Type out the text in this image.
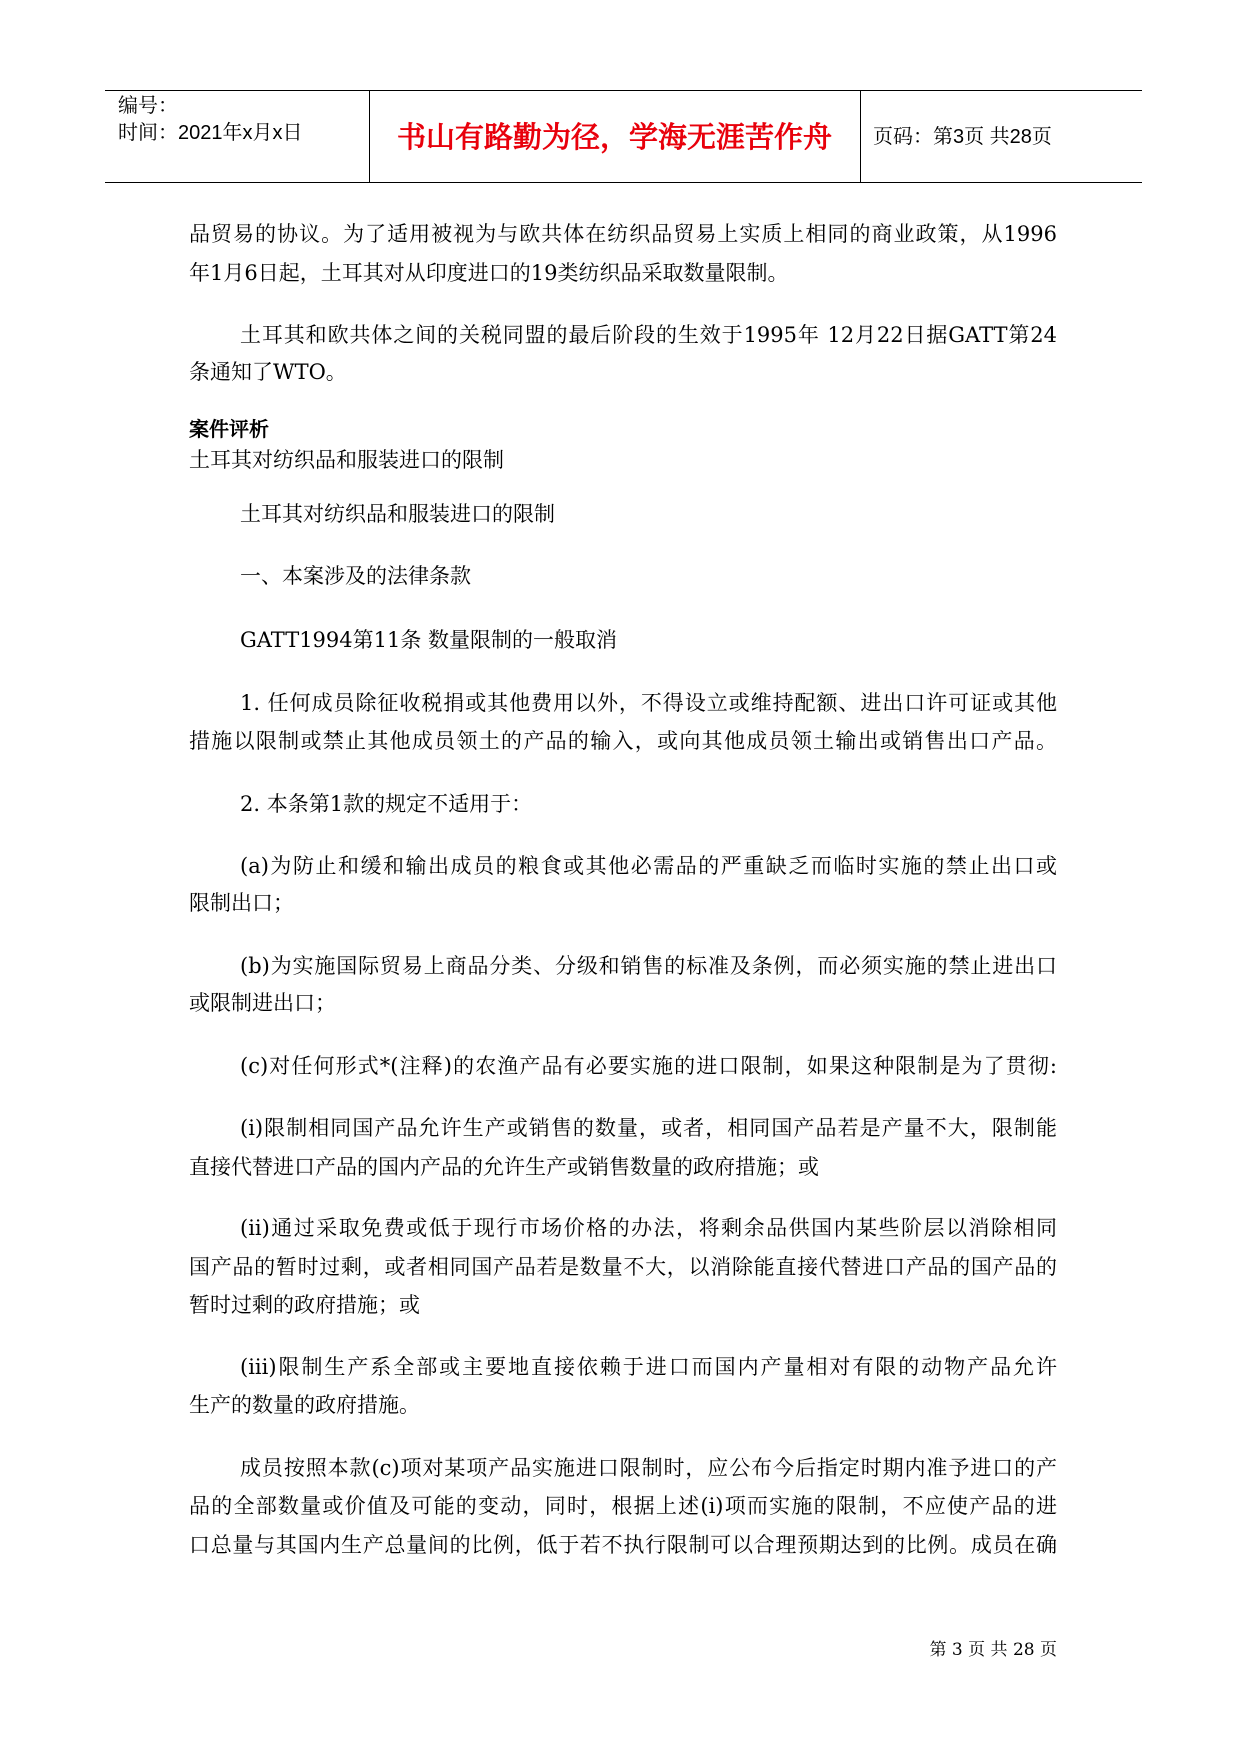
编号：
时间：2021年x月x日	书山有路勤为径，学海无涯苦作舟	页码：第3页 共28页
品贸易的协议。为了适用被视为与欧共体在纺织品贸易上实质上相同的商业政策，从1996
年1月6日起，土耳其对从印度进口的19类纺织品采取数量限制。
土耳其和欧共体之间的关税同盟的最后阶段的生效于1995年 12月22日据GATT第24
条通知了WTO。
案件评析
土耳其对纺织品和服装进口的限制
土耳其对纺织品和服装进口的限制
一、本案涉及的法律条款
GATT1994第11条 数量限制的一般取消
1. 任何成员除征收税捐或其他费用以外，不得设立或维持配额、进出口许可证或其他
措施以限制或禁止其他成员领土的产品的输入，或向其他成员领土输出或销售出口产品。
2. 本条第1款的规定不适用于：
(a)为防止和缓和输出成员的粮食或其他必需品的严重缺乏而临时实施的禁止出口或
限制出口；
(b)为实施国际贸易上商品分类、分级和销售的标准及条例，而必须实施的禁止进出口
或限制进出口；
(c)对任何形式*(注释)的农渔产品有必要实施的进口限制，如果这种限制是为了贯彻:
(i)限制相同国产品允许生产或销售的数量，或者，相同国产品若是产量不大，限制能
直接代替进口产品的国内产品的允许生产或销售数量的政府措施；或
(ii)通过采取免费或低于现行市场价格的办法，将剩余品供国内某些阶层以消除相同
国产品的暂时过剩，或者相同国产品若是数量不大，以消除能直接代替进口产品的国产品的
暂时过剩的政府措施；或
(iii)限制生产系全部或主要地直接依赖于进口而国内产量相对有限的动物产品允许
生产的数量的政府措施。
成员按照本款(c)项对某项产品实施进口限制时，应公布今后指定时期内准予进口的产
品的全部数量或价值及可能的变动，同时，根据上述(i)项而实施的限制，不应使产品的进
口总量与其国内生产总量间的比例，低于若不执行限制可以合理预期达到的比例。成员在确
第 3 页 共 28 页
